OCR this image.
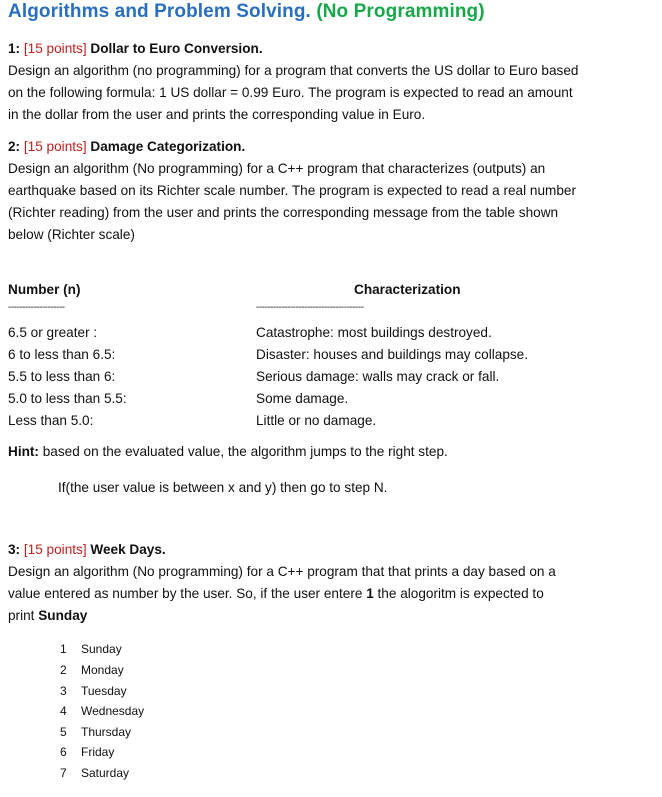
Algorithms and Problem Solving. (No Programming)
1: [15 points] Dollar to Euro Conversion.
Design an algorithm (no programming) for a program that converts the US dollar to Euro based
on the following formula: 1 US dollar = 0.99 Euro. The program is expected to read an amount
in the dollar from the user and prints the corresponding value in Euro.
2: [15 points] Damage Categorization.
Design an algorithm (No programming) for a C++ program that characterizes (outputs) an
earthquake based on its Richter scale number. The program is expected to read a real number
(Richter reading) from the user and prints the corresponding message from the table shown
below (Richter scale)
Number (n)	Characterization
--------------------	--------------------------------------
6.5 or greater :	Catastrophe: most buildings destroyed.
6 to less than 6.5:	Disaster: houses and buildings may collapse.
5.5 to less than 6:	Serious damage: walls may crack or fall.
5.0 to less than 5.5:	Some damage.
Less than 5.0:	Little or no damage.
Hint: based on the evaluated value, the algorithm jumps to the right step.
If(the user value is between x and y) then go to step N.
3: [15 points] Week Days.
Design an algorithm (No programming) for a C++ program that that prints a day based on a
value entered as number by the user. So, if the user entere 1 the alogoritm is expected to
print Sunday
1 Sunday
2 Monday
3 Tuesday
4 Wednesday
5 Thursday
6 Friday
7 Saturday
